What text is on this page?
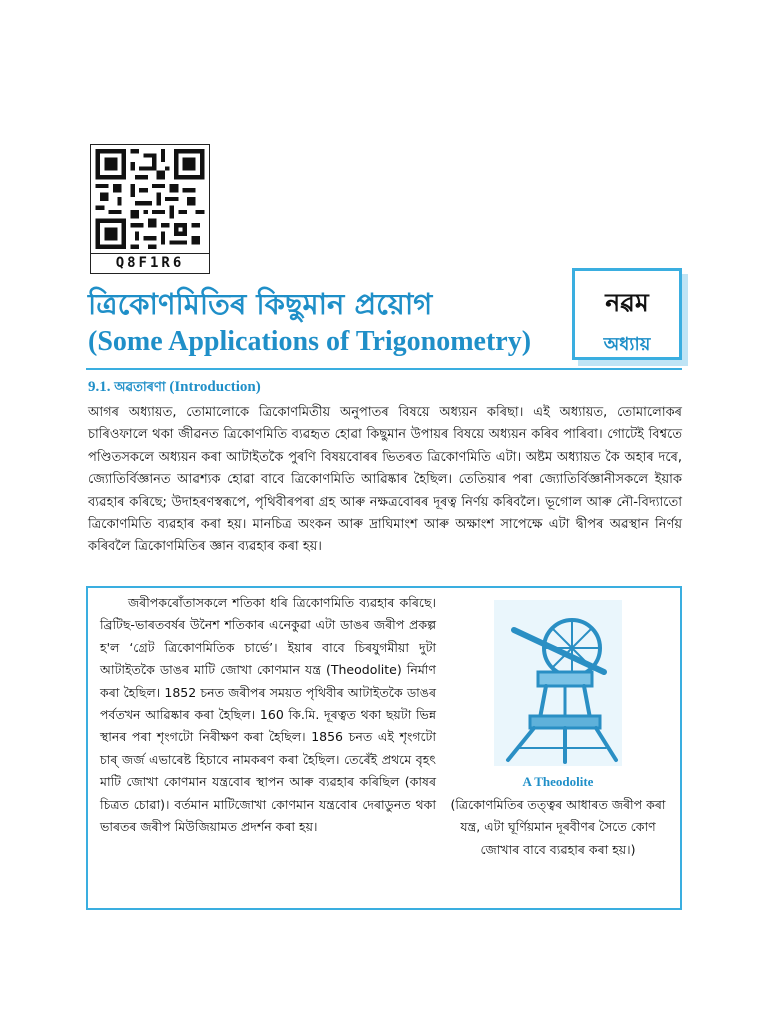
Q8F1R6
ত্ৰিকোণমিতিৰ কিছুমান প্ৰয়োগ
(Some Applications of Trigonometry)
নৱম
অধ্যায়
9.1. অৱতাৰণা (Introduction)

আগৰ অধ্যায়ত, তোমালোকে ত্ৰিকোণমিতীয় অনুপাতৰ বিষয়ে অধ্যয়ন কৰিছা। এই অধ্যায়ত, তোমালোকৰ চাৰিওফালে থকা জীৱনত ত্ৰিকোণমিতি ব্যৱহৃত হোৱা কিছুমান উপায়ৰ বিষয়ে অধ্যয়ন কৰিব পাৰিবা। গোটেই বিশ্বতে পণ্ডিতসকলে অধ্যয়ন কৰা আটাইতকৈ পুৰণি বিষয়বোৰৰ ভিতৰত ত্ৰিকোণমিতি এটা। অষ্টম অধ্যায়ত কৈ অহাৰ দৰে, জ্যোতিৰ্বিজ্ঞানত আৱশ্যক হোৱা বাবে ত্ৰিকোণমিতি আৱিষ্কাৰ হৈছিল। তেতিয়াৰ পৰা জ্যোতিৰ্বিজ্ঞানীসকলে ইয়াক ব্যৱহাৰ কৰিছে; উদাহৰণস্বৰূপে, পৃথিবীৰপৰা গ্ৰহ আৰু নক্ষত্ৰবোৰৰ দূৰত্ব নিৰ্ণয় কৰিবলৈ। ভূগোল আৰু নৌ-বিদ্যাতো ত্ৰিকোণমিতি ব্যৱহাৰ কৰা হয়। মানচিত্ৰ অংকন আৰু দ্ৰাঘিমাংশ আৰু অক্ষাংশ সাপেক্ষে এটা দ্বীপৰ অৱস্থান নিৰ্ণয় কৰিবলৈ ত্ৰিকোণমিতিৰ জ্ঞান ব্যৱহাৰ কৰা হয়।

জৰীপকৰোঁতাসকলে শতিকা ধৰি ত্ৰিকোণমিতি ব্যৱহাৰ কৰিছে। ব্ৰিটিছ-ভাৰতবৰ্ষৰ উনৈশ শতিকাৰ এনেকুৱা এটা ডাঙৰ জৰীপ প্ৰকল্প হ'ল ‘গ্ৰেট ত্ৰিকোণমিতিক চাৰ্ভে’। ইয়াৰ বাবে চিৰযুগমীয়া দুটা আটাইতকৈ ডাঙৰ মাটি জোখা কোণমান যন্ত্ৰ (Theodolite) নিৰ্মাণ কৰা হৈছিল। 1852 চনত জৰীপৰ সময়ত পৃথিবীৰ আটাইতকৈ ডাঙৰ পৰ্বতখন আৱিষ্কাৰ কৰা হৈছিল। 160 কি.মি. দূৰত্বত থকা ছয়টা ভিন্ন স্থানৰ পৰা শৃংগটো নিৰীক্ষণ কৰা হৈছিল। 1856 চনত এই শৃংগটো চাৰ্ জৰ্জ এভাৰেষ্ট হিচাবে নামকৰণ কৰা হৈছিল। তেৰেঁই প্ৰথমে বৃহৎ মাটি জোখা কোণমান যন্ত্ৰবোৰ স্থাপন আৰু ব্যৱহাৰ কৰিছিল (কাষৰ চিত্ৰত চোৱা)। বৰ্তমান মাটিজোখা কোণমান যন্ত্ৰবোৰ দেৰাডুনত থকা ভাৰতৰ জৰীপ মিউজিয়ামত প্ৰদৰ্শন কৰা হয়।

A Theodolite
(ত্ৰিকোণমিতিৰ তত্ত্বৰ আধাৰত জৰীপ কৰা যন্ত্ৰ, এটা ঘূৰ্ণিয়মান দূৰবীণৰ সৈতে কোণ জোখাৰ বাবে ব্যৱহাৰ কৰা হয়।)
